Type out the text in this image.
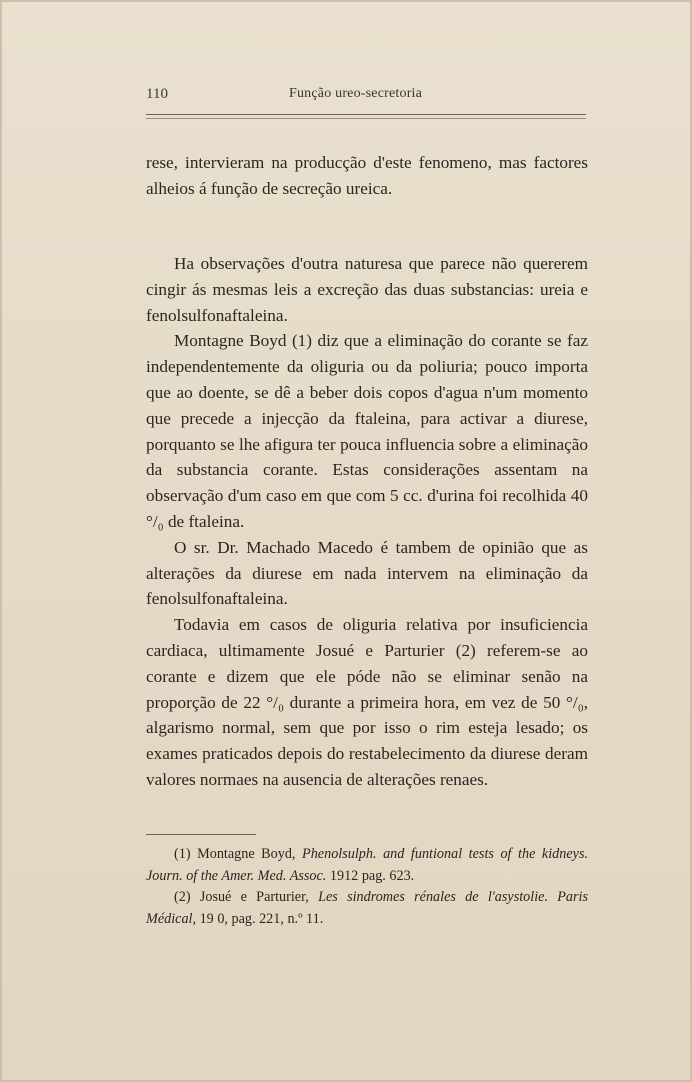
110	Função ureo-secretoria

rese, intervieram na producção d'este fenomeno, mas factores alheios á função de secreção ureica.

Ha observações d'outra naturesa que parece não quererem cingir ás mesmas leis a excreção das duas substancias: ureia e fenolsulfonaftaleina.

Montagne Boyd (1) diz que a eliminação do corante se faz independentemente da oliguria ou da poliuria; pouco importa que ao doente, se dê a beber dois copos d'agua n'um momento que precede a injecção da ftaleina, para activar a diurese, porquanto se lhe afigura ter pouca influencia sobre a eliminação da substancia corante. Estas considerações assentam na observação d'um caso em que com 5 cc. d'urina foi recolhida 40 °/₀ de ftaleina.

O sr. Dr. Machado Macedo é tambem de opinião que as alterações da diurese em nada intervem na eliminação da fenolsulfonaftaleina.

Todavia em casos de oliguria relativa por insuficiencia cardiaca, ultimamente Josué e Parturier (2) referem-se ao corante e dizem que ele póde não se eliminar senão na proporção de 22 °/₀ durante a primeira hora, em vez de 50 °/₀, algarismo normal, sem que por isso o rim esteja lesado; os exames praticados depois do restabelecimento da diurese deram valores normaes na ausencia de alterações renaes.

(1) Montagne Boyd, Phenolsulph. and funtional tests of the kidneys. Journ. of the Amer. Med. Assoc. 1912 pag. 623.

(2) Josué e Parturier, Les sindromes rénales de l'asystolie. Paris Médical, 19 0, pag. 221, n.º 11.
